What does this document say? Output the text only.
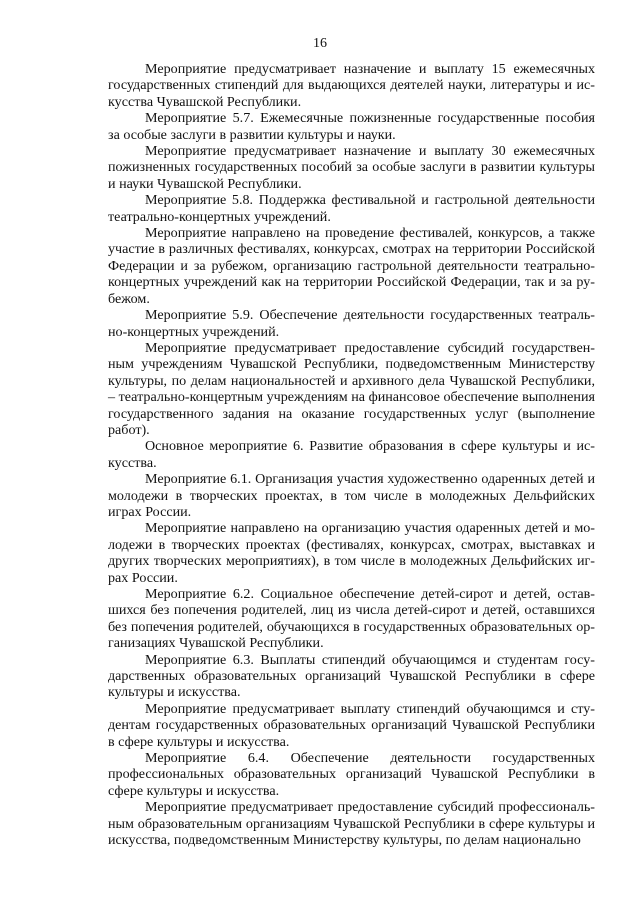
16

Мероприятие предусматривает назначение и выплату 15 ежемесячных государственных стипендий для выдающихся деятелей науки, литературы и искусства Чувашской Республики.

Мероприятие 5.7. Ежемесячные пожизненные государственные пособия за особые заслуги в развитии культуры и науки.

Мероприятие предусматривает назначение и выплату 30 ежемесячных пожизненных государственных пособий за особые заслуги в развитии культуры и науки Чувашской Республики.

Мероприятие 5.8. Поддержка фестивальной и гастрольной деятельности театрально-концертных учреждений.

Мероприятие направлено на проведение фестивалей, конкурсов, а также участие в различных фестивалях, конкурсах, смотрах на территории Российской Федерации и за рубежом, организацию гастрольной деятельности театрально-концертных учреждений как на территории Российской Федерации, так и за рубежом.

Мероприятие 5.9. Обеспечение деятельности государственных театрально-концертных учреждений.

Мероприятие предусматривает предоставление субсидий государственным учреждениям Чувашской Республики, подведомственным Министерству культуры, по делам национальностей и архивного дела Чувашской Республики, – театрально-концертным учреждениям на финансовое обеспечение выполнения государственного задания на оказание государственных услуг (выполнение работ).

Основное мероприятие 6. Развитие образования в сфере культуры и искусства.

Мероприятие 6.1. Организация участия художественно одаренных детей и молодежи в творческих проектах, в том числе в молодежных Дельфийских играх России.

Мероприятие направлено на организацию участия одаренных детей и молодежи в творческих проектах (фестивалях, конкурсах, смотрах, выставках и других творческих мероприятиях), в том числе в молодежных Дельфийских играх России.

Мероприятие 6.2. Социальное обеспечение детей-сирот и детей, оставшихся без попечения родителей, лиц из числа детей-сирот и детей, оставшихся без попечения родителей, обучающихся в государственных образовательных организациях Чувашской Республики.

Мероприятие 6.3. Выплаты стипендий обучающимся и студентам государственных образовательных организаций Чувашской Республики в сфере культуры и искусства.

Мероприятие предусматривает выплату стипендий обучающимся и студентам государственных образовательных организаций Чувашской Республики в сфере культуры и искусства.

Мероприятие 6.4. Обеспечение деятельности государственных профессиональных образовательных организаций Чувашской Республики в сфере культуры и искусства.

Мероприятие предусматривает предоставление субсидий профессиональным образовательным организациям Чувашской Республики в сфере культуры и искусства, подведомственным Министерству культуры, по делам национально
